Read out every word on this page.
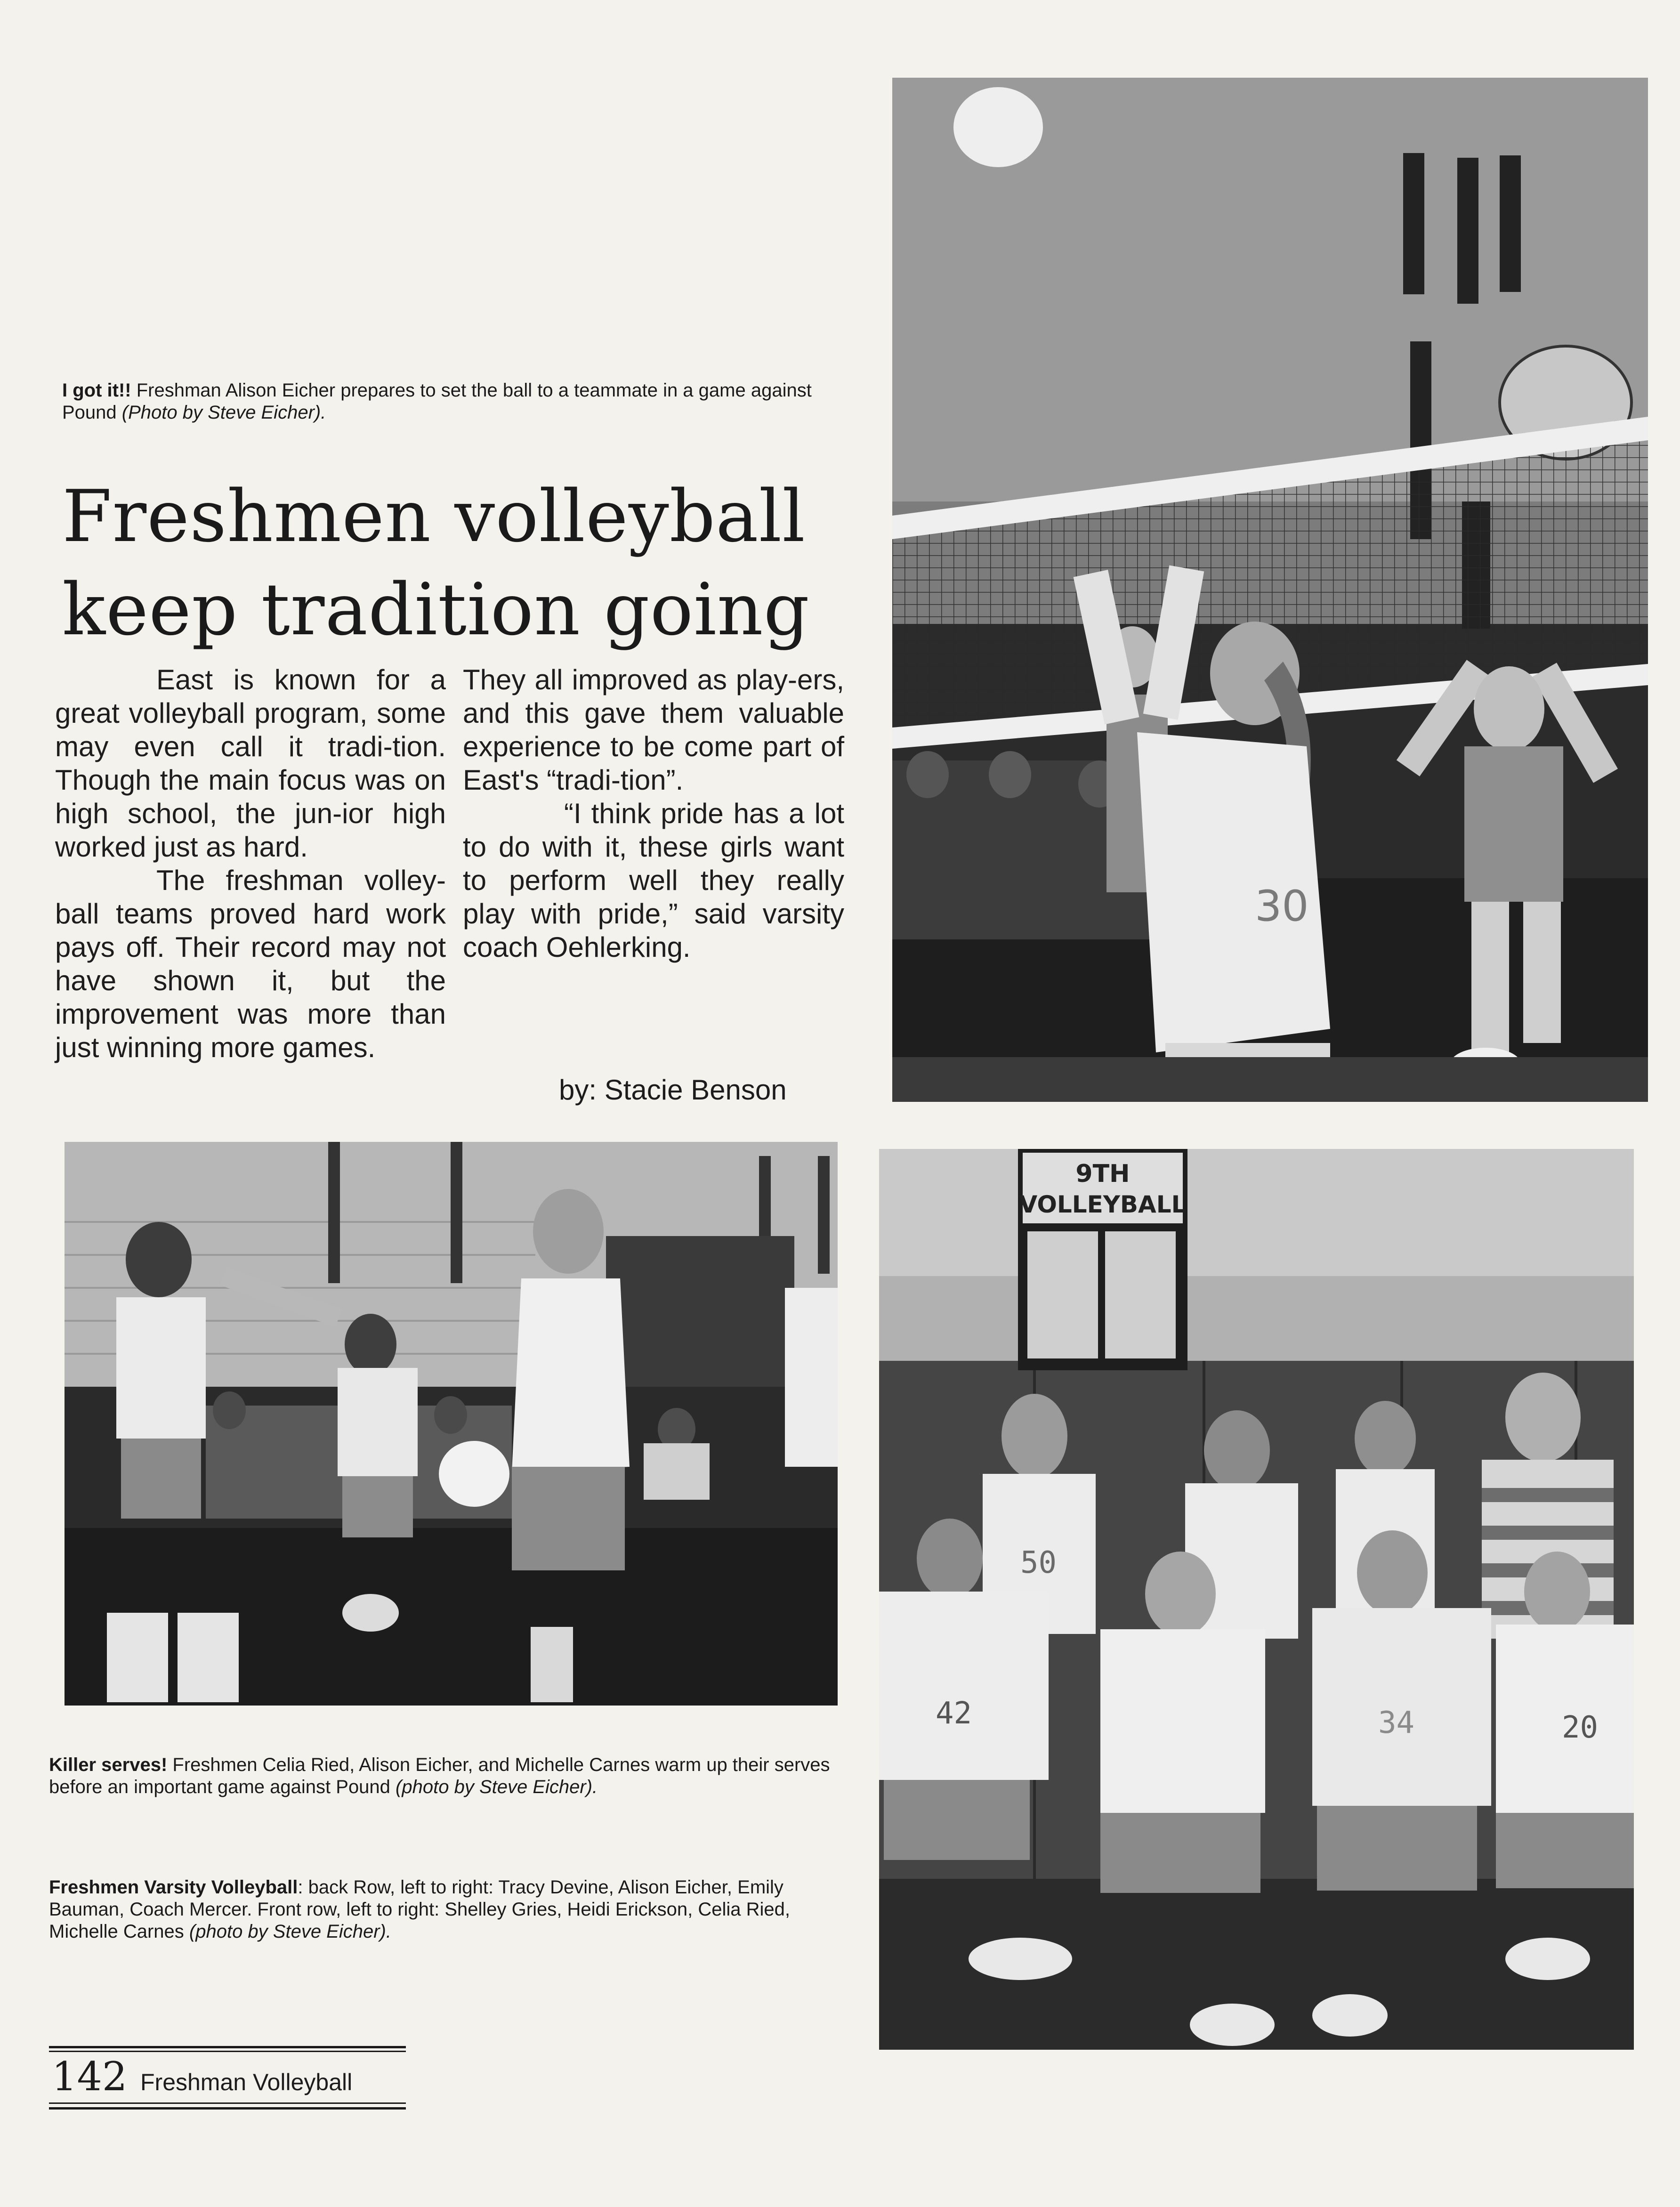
30
I got it!! Freshman Alison Eicher prepares to set the ball to a teammate in a game against Pound (Photo by Steve Eicher).
Freshmen volleyball keep tradition going

East is known for a great volleyball program, some may even call it tradi-tion. Though the main focus was on high school, the jun-ior high worked just as hard.

The freshman volley-ball teams proved hard work pays off. Their record may not have shown it, but the improvement was more than just winning more games.

They all improved as play-ers, and this gave them valuable experience to be come part of East's “tradi-tion”.

“I think pride has a lot to do with it, these girls want to perform well they really play with pride,” said varsity coach Oehlerking.

by: Stacie Benson
Killer serves! Freshmen Celia Ried, Alison Eicher, and Michelle Carnes warm up their serves before an important game against Pound (photo by Steve Eicher).
Freshmen Varsity Volleyball: back Row, left to right: Tracy Devine, Alison Eicher, Emily Bauman, Coach Mercer. Front row, left to right: Shelley Gries, Heidi Erickson, Celia Ried, Michelle Carnes (photo by Steve Eicher).
9TH
VOLLEYBALL
50
42	34	20
142 Freshman Volleyball
